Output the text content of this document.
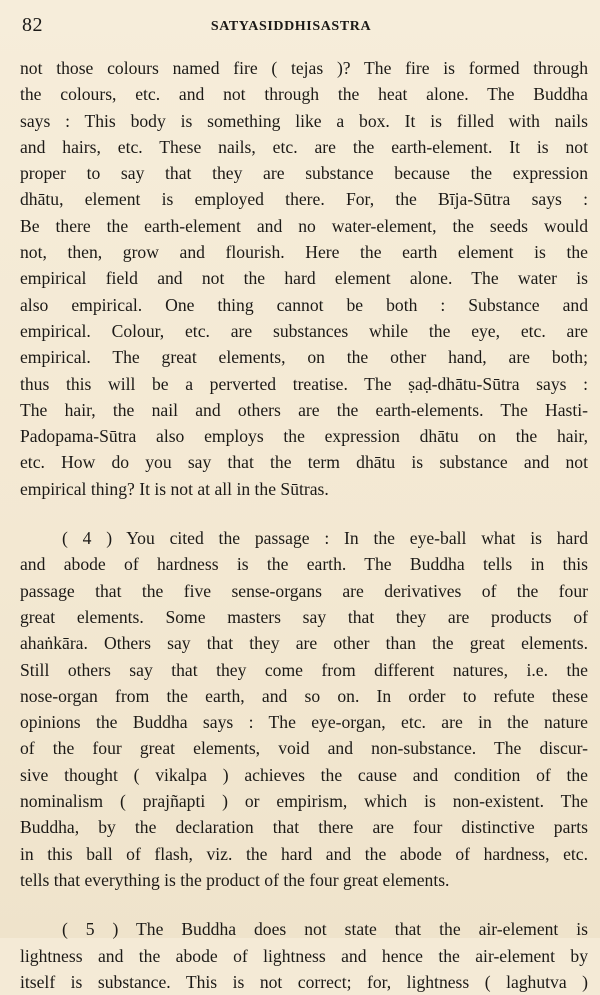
82	SATYASIDDHISASTRA
not those colours named fire ( tejas )? The fire is formed through
the colours, etc. and not through the heat alone. The Buddha
says : This body is something like a box. It is filled with nails
and hairs, etc. These nails, etc. are the earth-element. It is not
proper to say that they are substance because the expression
dhātu, element is employed there. For, the Bīja-Sūtra says :
Be there the earth-element and no water-element, the seeds would
not, then, grow and flourish. Here the earth element is the
empirical field and not the hard element alone. The water is
also empirical. One thing cannot be both : Substance and
empirical. Colour, etc. are substances while the eye, etc. are
empirical. The great elements, on the other hand, are both;
thus this will be a perverted treatise. The ṣaḍ-dhātu-Sūtra says :
The hair, the nail and others are the earth-elements. The Hasti-
Padopama-Sūtra also employs the expression dhātu on the hair,
etc. How do you say that the term dhātu is substance and not
empirical thing? It is not at all in the Sūtras.
( 4 ) You cited the passage : In the eye-ball what is hard
and abode of hardness is the earth. The Buddha tells in this
passage that the five sense-organs are derivatives of the four
great elements. Some masters say that they are products of
ahaṅkāra. Others say that they are other than the great elements.
Still others say that they come from different natures, i.e. the
nose-organ from the earth, and so on. In order to refute these
opinions the Buddha says : The eye-organ, etc. are in the nature
of the four great elements, void and non-substance. The discur-
sive thought ( vikalpa ) achieves the cause and condition of the
nominalism ( prajñapti ) or empirism, which is non-existent. The
Buddha, by the declaration that there are four distinctive parts
in this ball of flash, viz. the hard and the abode of hardness, etc.
tells that everything is the product of the four great elements.
( 5 ) The Buddha does not state that the air-element is
lightness and the abode of lightness and hence the air-element by
itself is substance. This is not correct; for, lightness ( laghutva )
